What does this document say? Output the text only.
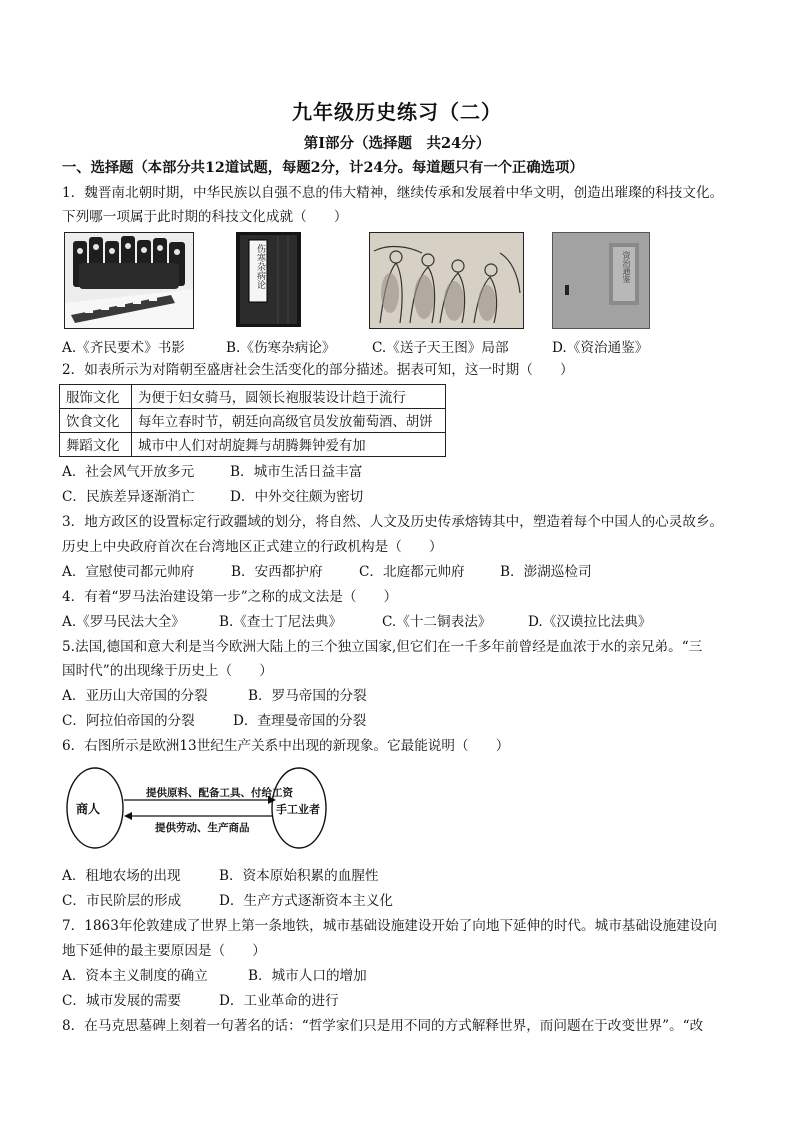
九年级历史练习（二）
第Ⅰ部分（选择题　共24分）
一、选择题（本部分共12道试题，每题2分，计24分。每道题只有一个正确选项）
1．魏晋南北朝时期，中华民族以自强不息的伟大精神，继续传承和发展着中华文明，创造出璀璨的科技文化。
下列哪一项属于此时期的科技文化成就（　　）
伤寒杂病论	资治通鉴
A.《齐民要术》书影	B.《伤寒杂病论》	C.《送子天王图》局部	D.《资治通鉴》
2．如表所示为对隋朝至盛唐社会生活变化的部分描述。据表可知，这一时期（　　）
服饰文化	为便于妇女骑马，圆领长袍服装设计趋于流行
饮食文化	每年立春时节，朝廷向高级官员发放葡萄酒、胡饼
舞蹈文化	城市中人们对胡旋舞与胡腾舞钟爱有加
A．社会风气开放多元	B．城市生活日益丰富
C．民族差异逐渐消亡	D．中外交往颇为密切
3．地方政区的设置标定行政疆域的划分，将自然、人文及历史传承熔铸其中，塑造着每个中国人的心灵故乡。
历史上中央政府首次在台湾地区正式建立的行政机构是（　　）
A．宣慰使司都元帅府	B．安西都护府	C．北庭都元帅府	B．澎湖巡检司
4．有着“罗马法治建设第一步”之称的成文法是（　　）
A.《罗马民法大全》	B.《查士丁尼法典》	C.《十二铜表法》	D.《汉谟拉比法典》
5.法国,德国和意大利是当今欧洲大陆上的三个独立国家,但它们在一千多年前曾经是血浓于水的亲兄弟。“三
国时代”的出现缘于历史上（　　）
A．亚历山大帝国的分裂	B．罗马帝国的分裂
C．阿拉伯帝国的分裂	D．查理曼帝国的分裂
6．右图所示是欧洲13世纪生产关系中出现的新现象。它最能说明（　　）
商人	手工业者
提供原料、配备工具、付给工资
提供劳动、生产商品
A．租地农场的出现	B．资本原始积累的血腥性
C．市民阶层的形成	D．生产方式逐渐资本主义化
7．1863年伦敦建成了世界上第一条地铁，城市基础设施建设开始了向地下延伸的时代。城市基础设施建设向
地下延伸的最主要原因是（　　）
A．资本主义制度的确立	B．城市人口的增加
C．城市发展的需要	D．工业革命的进行
8．在马克思墓碑上刻着一句著名的话：“哲学家们只是用不同的方式解释世界，而问题在于改变世界”。“改
